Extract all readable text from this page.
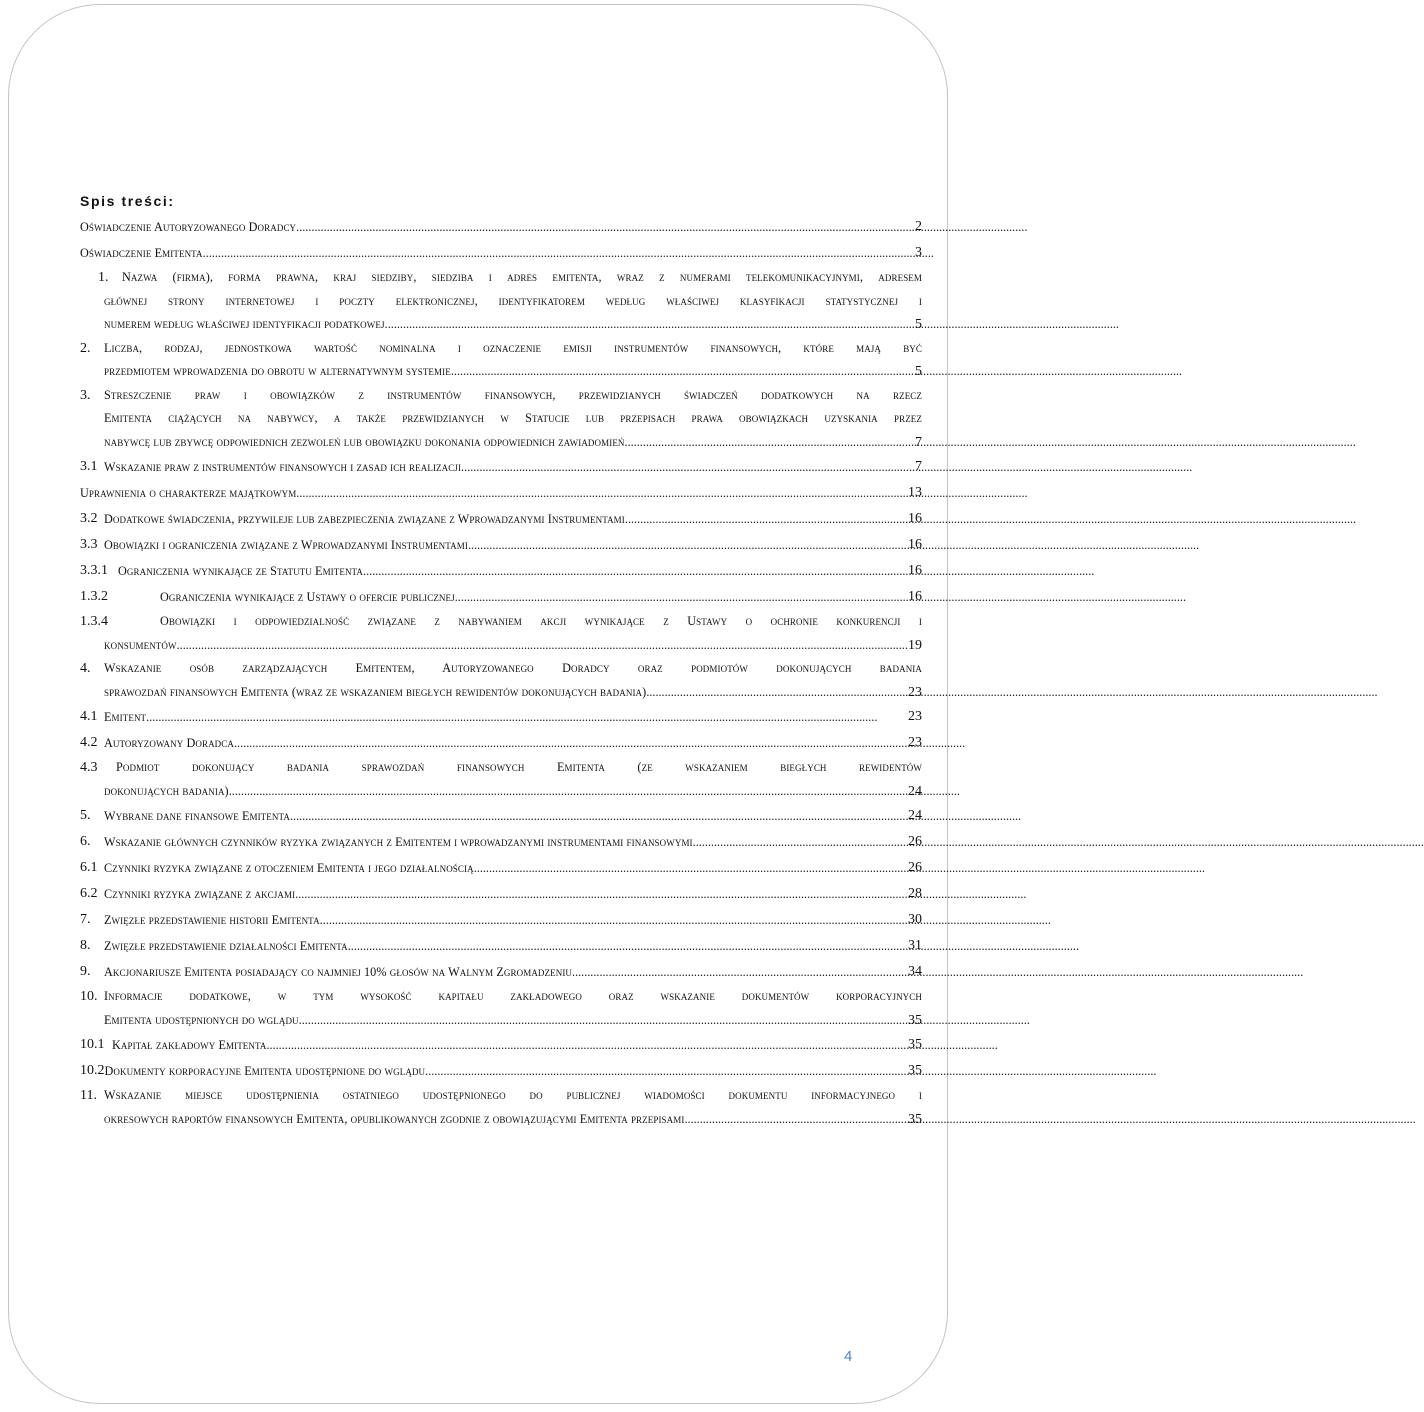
Spis treści:
Oświadczenie Autoryzowanego Doradcy .....	2
Oświadczenie Emitenta .....	3
1.	Nazwa (firma), forma prawna, kraj siedziby, siedziba i adres emitenta, wraz z numerami telekomunikacyjnymi, adresem
głównej strony internetowej i poczty elektronicznej, identyfikatorem według właściwej klasyfikacji statystycznej i
numerem według właściwej identyfikacji podatkowej. .....	5
2.	Liczba, rodzaj, jednostkowa wartość nominalna i oznaczenie emisji instrumentów finansowych, które mają być
przedmiotem wprowadzenia do obrotu w alternatywnym systemie .....	5
3.	Streszczenie praw i obowiązków z instrumentów finansowych, przewidzianych świadczeń dodatkowych na rzecz
Emitenta ciążących na nabywcy, a także przewidzianych w Statucie lub przepisach prawa obowiązkach uzyskania przez
nabywcę lub zbywcę odpowiednich zezwoleń lub obowiązku dokonania odpowiednich zawiadomień .....	7
3.1 Wskazanie praw z instrumentów finansowych i zasad ich realizacji .....	7
Uprawnienia o charakterze majątkowym .....	13
3.2 Dodatkowe świadczenia, przywileje lub zabezpieczenia związane z Wprowadzanymi Instrumentami .....	16
3.3 Obowiązki i ograniczenia związane z Wprowadzanymi Instrumentami .....	16
3.3.1 Ograniczenia wynikające ze Statutu Emitenta .....	16
1.3.2	Ograniczenia wynikające z Ustawy o ofercie publicznej .....	16
1.3.4	Obowiązki i odpowiedzialność związane z nabywaniem akcji wynikające z Ustawy o ochronie konkurencji i
konsumentów .....	19
4.	Wskazanie osób zarządzających Emitentem, Autoryzowanego Doradcy oraz podmiotów dokonujących badania
sprawozdań finansowych Emitenta (wraz ze wskazaniem biegłych rewidentów dokonujących badania) .....	23
4.1 Emitent .....	23
4.2 Autoryzowany Doradca .....	23
4.3	Podmiot dokonujący badania sprawozdań finansowych Emitenta (ze wskazaniem biegłych rewidentów
dokonujących badania) .....	24
5.	Wybrane dane finansowe Emitenta .....	24
6.	Wskazanie głównych czynników ryzyka związanych z Emitentem i wprowadzanymi instrumentami finansowymi .....	26
6.1 Czynniki ryzyka związane z otoczeniem Emitenta i jego działalnością .....	26
6.2 Czynniki ryzyka związane z akcjami .....	28
7.	Zwięzłe przedstawienie historii Emitenta .....	30
8.	Zwięzłe przedstawienie działalności Emitenta .....	31
9.	Akcjonariusze Emitenta posiadający co najmniej 10% głosów na Walnym Zgromadzeniu .....	34
10. Informacje dodatkowe, w tym wysokość kapitału zakładowego oraz wskazanie dokumentów korporacyjnych
Emitenta udostępnionych do wglądu .....	35
10.1 Kapitał zakładowy Emitenta .....	35
10.2 Dokumenty korporacyjne Emitenta udostępnione do wglądu .....	35
11. Wskazanie miejsce udostępnienia ostatniego udostępnionego do publicznej wiadomości dokumentu informacyjnego i
okresowych raportów finansowych Emitenta, opublikowanych zgodnie z obowiązującymi Emitenta przepisami .....	35
4
